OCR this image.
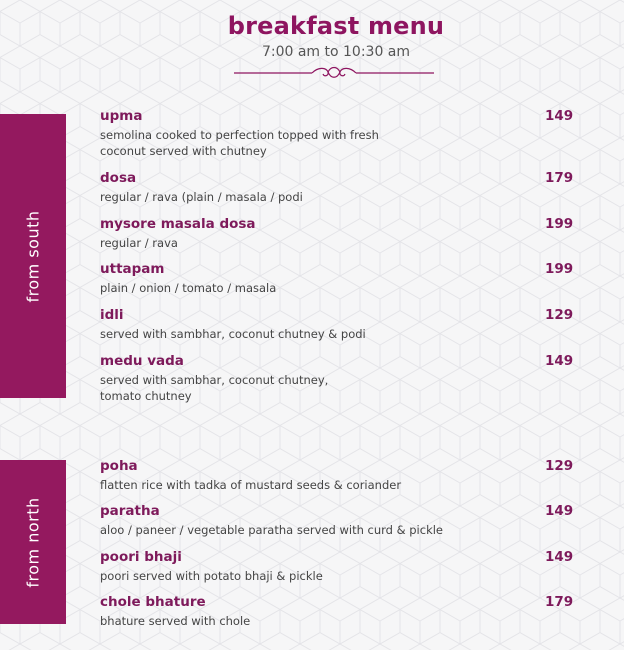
breakfast menu
7:00 am to 10:30 am
from south
from north
upma
semolina cooked to perfection topped with fresh
coconut served with chutney
149
dosa
regular / rava (plain / masala / podi
179
mysore masala dosa
regular / rava
199
uttapam
plain / onion / tomato / masala
199
idli
served with sambhar, coconut chutney & podi
129
medu vada
served with sambhar, coconut chutney,
tomato chutney
149
poha
flatten rice with tadka of mustard seeds & coriander
129
paratha
aloo / paneer / vegetable paratha served with curd & pickle
149
poori bhaji
poori served with potato bhaji & pickle
149
chole bhature
bhature served with chole
179
